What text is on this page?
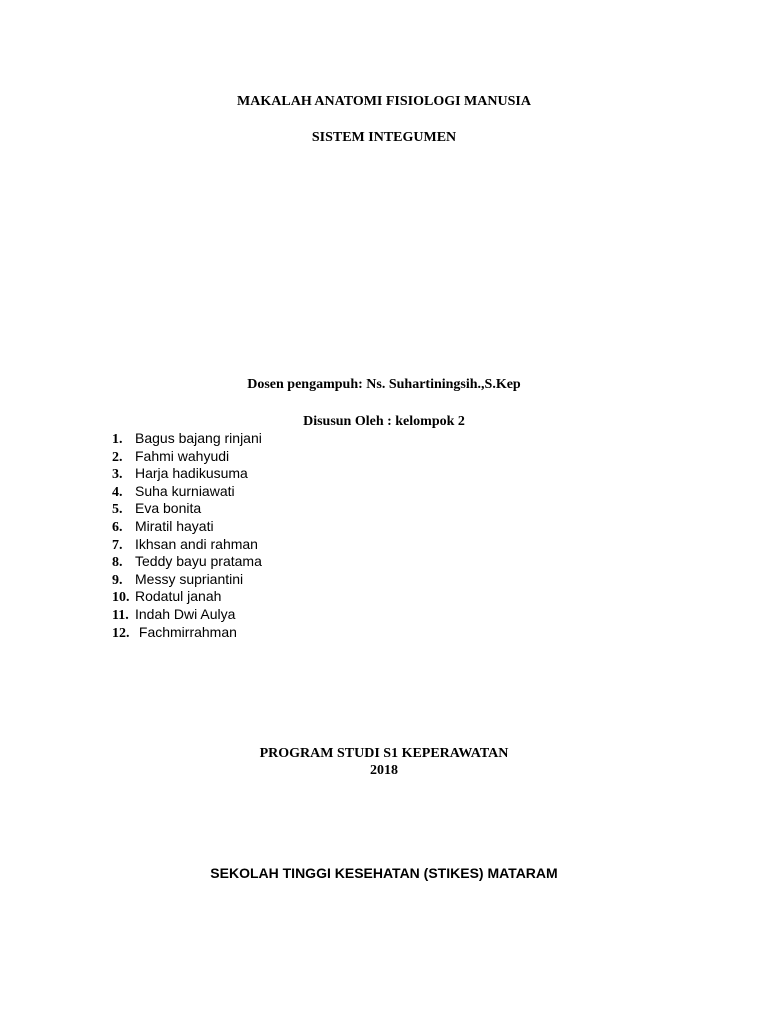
MAKALAH ANATOMI FISIOLOGI MANUSIA
SISTEM INTEGUMEN
Dosen pengampuh: Ns. Suhartiningsih.,S.Kep
Disusun Oleh : kelompok 2
1. Bagus bajang rinjani
2. Fahmi wahyudi
3. Harja hadikusuma
4. Suha kurniawati
5. Eva bonita
6. Miratil hayati
7. Ikhsan andi rahman
8. Teddy bayu pratama
9. Messy supriantini
10. Rodatul janah
11. Indah Dwi Aulya
12. Fachmirrahman
PROGRAM STUDI S1 KEPERAWATAN
2018
SEKOLAH TINGGI KESEHATAN (STIKES) MATARAM
